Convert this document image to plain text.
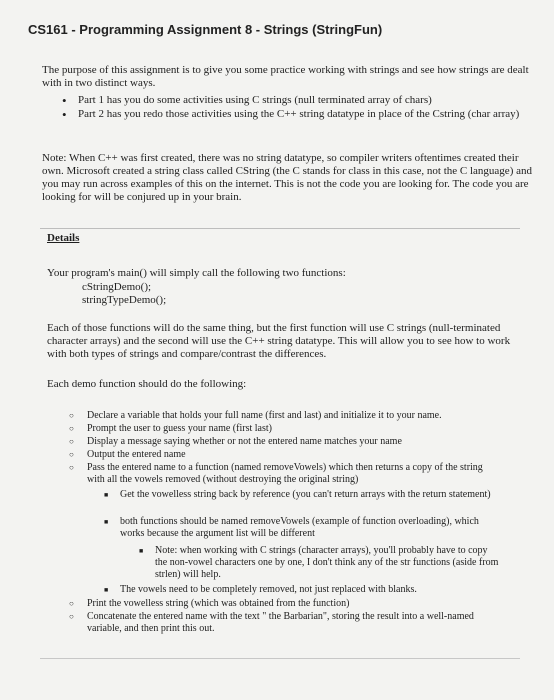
CS161 - Programming Assignment 8 - Strings (StringFun)
The purpose of this assignment is to give you some practice working with strings and see how strings are dealt with in two distinct ways.
• Part 1 has you do some activities using C strings (null terminated array of chars)
• Part 2 has you redo those activities using the C++ string datatype in place of the Cstring (char array)
Note: When C++ was first created, there was no string datatype, so compiler writers oftentimes created their own. Microsoft created a string class called CString (the C stands for class in this case, not the C language) and you may run across examples of this on the internet. This is not the code you are looking for. The code you are looking for will be conjured up in your brain.
Details
Your program's main() will simply call the following two functions:
cStringDemo();
stringTypeDemo();
Each of those functions will do the same thing, but the first function will use C strings (null-terminated character arrays) and the second will use the C++ string datatype. This will allow you to see how to work with both types of strings and compare/contrast the differences.
Each demo function should do the following:
○ Declare a variable that holds your full name (first and last) and initialize it to your name.
○ Prompt the user to guess your name (first last)
○ Display a message saying whether or not the entered name matches your name
○ Output the entered name
○ Pass the entered name to a function (named removeVowels) which then returns a copy of the string with all the vowels removed (without destroying the original string)
■ Get the vowelless string back by reference (you can't return arrays with the return statement)
■ both functions should be named removeVowels (example of function overloading), which works because the argument list will be different
■ Note: when working with C strings (character arrays), you'll probably have to copy the non-vowel characters one by one, I don't think any of the str functions (aside from strlen) will help.
■ The vowels need to be completely removed, not just replaced with blanks.
○ Print the vowelless string (which was obtained from the function)
○ Concatenate the entered name with the text " the Barbarian", storing the result into a well-named variable, and then print this out.
